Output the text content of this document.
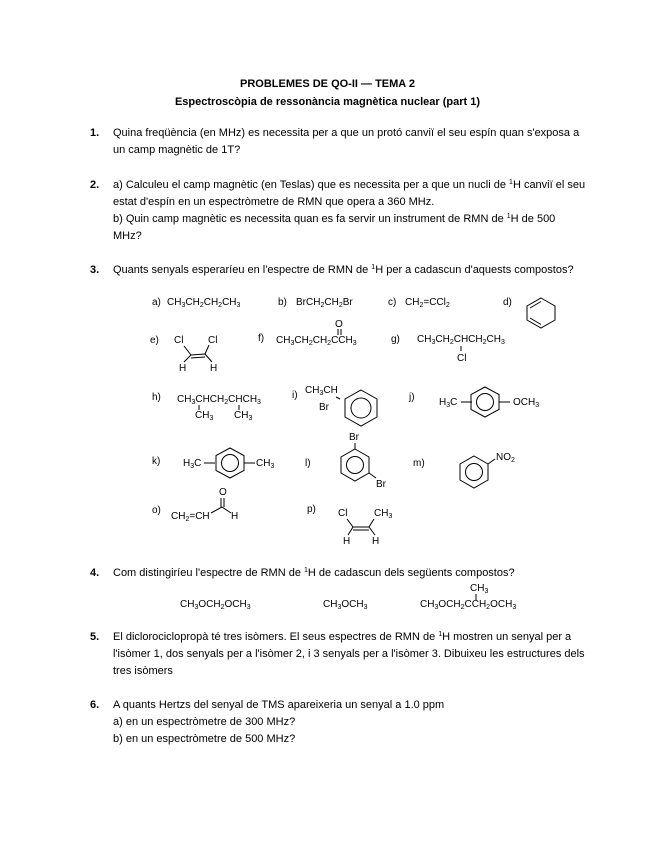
PROBLEMES DE QO-II — TEMA 2
Espectroscòpia de ressonància magnètica nuclear (part 1)
1. Quina freqüència (en MHz) es necessita per a que un protó canviï el seu espín quan s'exposa a
un camp magnètic de 1T?
2. a) Calculeu el camp magnètic (en Teslas) que es necessita per a que un nucli de $^1$H canviï el seu
estat d'espín en un espectròmetre de RMN que opera a 360 MHz.
b) Quin camp magnètic es necessita quan es fa servir un instrument de RMN de $^1$H de 500
MHz?
3. Quants senyals esperaríeu en l'espectre de RMN de $^1$H per a cadascun d'aquests compostos?
a) $CH_3CH_2CH_2CH_3$	b) $BrCH_2CH_2Br$	c) $CH_2=CCl_2$	d)
e) Cl Cl
H H
f) $CH_3CH_2CH_2CCH_3$
O
g) $CH_3CH_2CHCH_2CH_3$
Cl
h) $CH_3CHCH_2CHCH_3$
$CH_3$ $CH_3$
i) $CH_3CH$
Br
j) $H_3C$	$OCH_3$
k) $H_3C$	$CH_3$	l)
Br
Br
m)
$NO_2$
o)
$CH_2=CH$
O
H
p) Cl
H H
$CH_3$
4. Com distingiríeu l'espectre de RMN de $^1$H de cadascun dels següents compostos?
$CH_3OCH_2OCH_3$	$CH_3OCH_3$	$CH_3OCH_2CCH_2OCH_3$
$CH_3$
5. El diclorociclopropà té tres isòmers. El seus espectres de RMN de $^1$H mostren un senyal per a
l'isòmer 1, dos senyals per a l'isòmer 2, i 3 senyals per a l'isòmer 3. Dibuixeu les estructures dels
tres isòmers
6. A quants Hertzs del senyal de TMS apareixeria un senyal a 1.0 ppm
a) en un espectròmetre de 300 MHz?
b) en un espectròmetre de 500 MHz?
